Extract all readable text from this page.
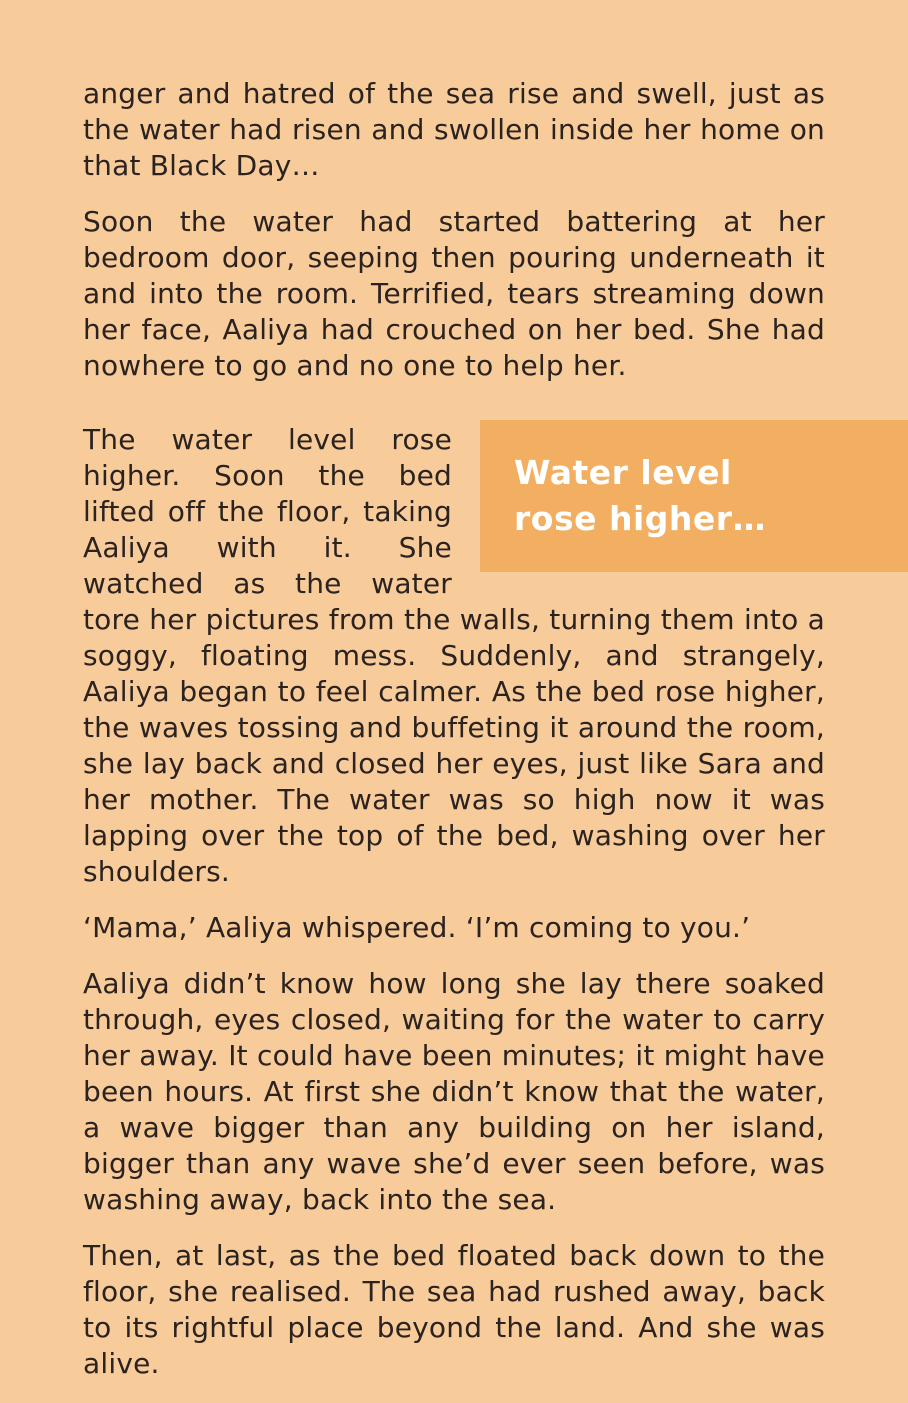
anger and hatred of the sea rise and swell, just as the water had risen and swollen inside her home on that Black Day…

Soon the water had started battering at her bedroom door, seeping then pouring underneath it and into the room. Terrified, tears streaming down her face, Aaliya had crouched on her bed. She had nowhere to go and no one to help her.

Water level
rose higher…

The water level rose higher. Soon the bed lifted off the floor, taking Aaliya with it. She watched as the water tore her pictures from the walls, turning them into a soggy, floating mess. Suddenly, and strangely, Aaliya began to feel calmer. As the bed rose higher, the waves tossing and buffeting it around the room, she lay back and closed her eyes, just like Sara and her mother. The water was so high now it was lapping over the top of the bed, washing over her shoulders.

‘Mama,’ Aaliya whispered. ‘I’m coming to you.’

Aaliya didn’t know how long she lay there soaked through, eyes closed, waiting for the water to carry her away. It could have been minutes; it might have been hours. At first she didn’t know that the water, a wave bigger than any building on her island, bigger than any wave she’d ever seen before, was washing away, back into the sea.

Then, at last, as the bed floated back down to the floor, she realised. The sea had rushed away, back to its rightful place beyond the land. And she was alive.
